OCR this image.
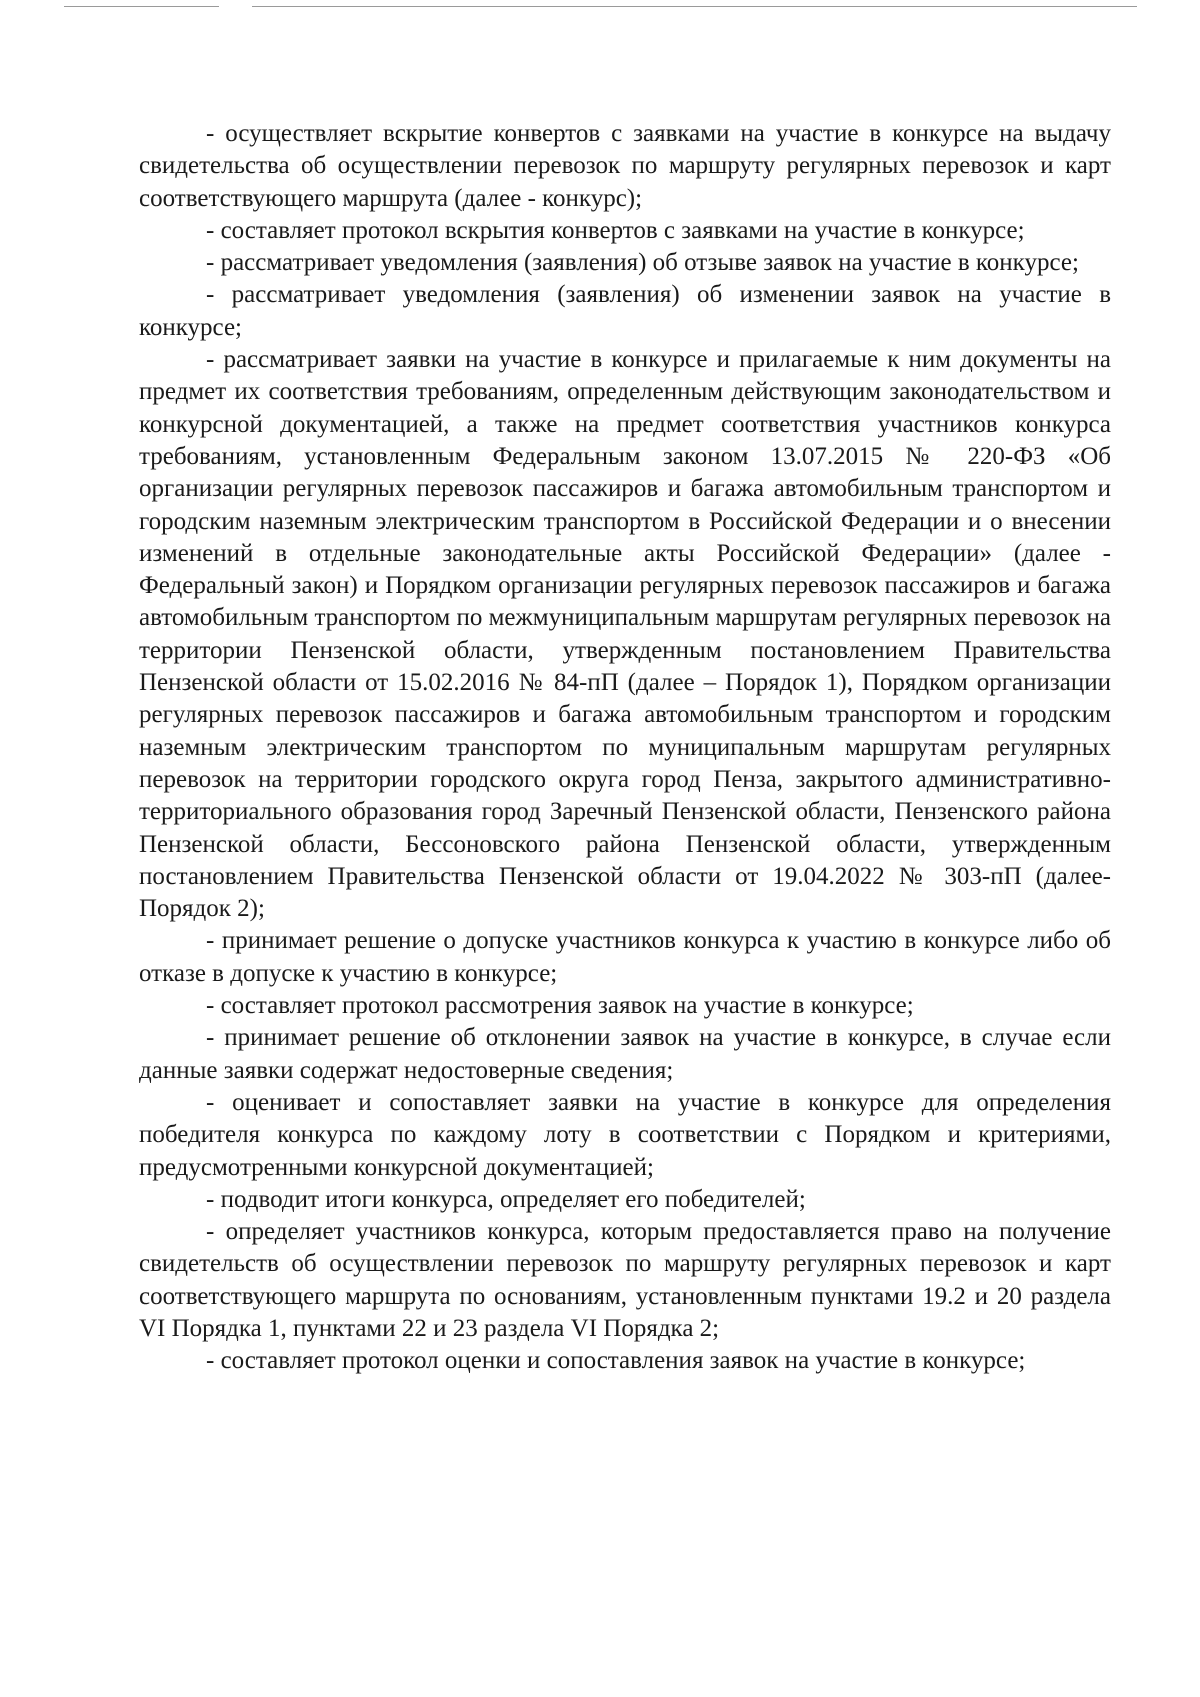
- осуществляет вскрытие конвертов с заявками на участие в конкурсе на выдачу свидетельства об осуществлении перевозок по маршруту регулярных перевозок и карт соответствующего маршрута (далее - конкурс);

- составляет протокол вскрытия конвертов с заявками на участие в конкурсе;

- рассматривает уведомления (заявления) об отзыве заявок на участие в конкурсе;

- рассматривает уведомления (заявления) об изменении заявок на участие в конкурсе;

- рассматривает заявки на участие в конкурсе и прилагаемые к ним документы на предмет их соответствия требованиям, определенным действующим законодательством и конкурсной документацией, а также на предмет соответствия участников конкурса требованиям, установленным Федеральным законом 13.07.2015 № 220-ФЗ «Об организации регулярных перевозок пассажиров и багажа автомобильным транспортом и городским наземным электрическим транспортом в Российской Федерации и о внесении изменений в отдельные законодательные акты Российской Федерации» (далее - Федеральный закон) и Порядком организации регулярных перевозок пассажиров и багажа автомобильным транспортом по межмуниципальным маршрутам регулярных перевозок на территории Пензенской области, утвержденным постановлением Правительства Пензенской области от 15.02.2016 № 84-пП (далее – Порядок 1), Порядком организации регулярных перевозок пассажиров и багажа автомобильным транспортом и городским наземным электрическим транспортом по муниципальным маршрутам регулярных перевозок на территории городского округа город Пенза, закрытого административно-территориального образования город Заречный Пензенской области, Пензенского района Пензенской области, Бессоновского района Пензенской области, утвержденным постановлением Правительства Пензенской области от 19.04.2022 № 303-пП (далее- Порядок 2);

- принимает решение о допуске участников конкурса к участию в конкурсе либо об отказе в допуске к участию в конкурсе;

- составляет протокол рассмотрения заявок на участие в конкурсе;

- принимает решение об отклонении заявок на участие в конкурсе, в случае если данные заявки содержат недостоверные сведения;

- оценивает и сопоставляет заявки на участие в конкурсе для определения победителя конкурса по каждому лоту в соответствии с Порядком и критериями, предусмотренными конкурсной документацией;

- подводит итоги конкурса, определяет его победителей;

- определяет участников конкурса, которым предоставляется право на получение свидетельств об осуществлении перевозок по маршруту регулярных перевозок и карт соответствующего маршрута по основаниям, установленным пунктами 19.2 и 20 раздела VI Порядка 1, пунктами 22 и 23 раздела VI Порядка 2;

- составляет протокол оценки и сопоставления заявок на участие в конкурсе;
